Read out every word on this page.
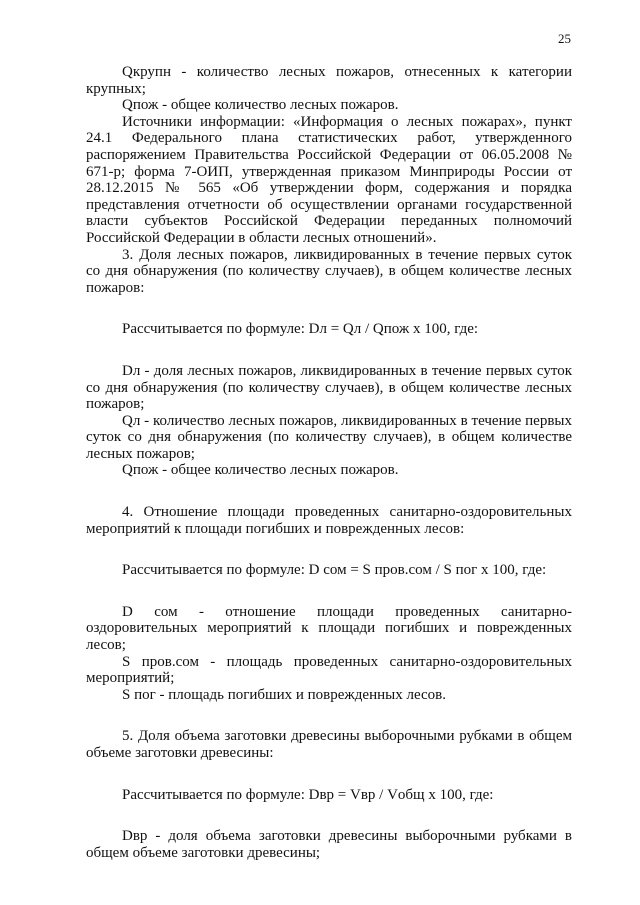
25

Qкрупн - количество лесных пожаров, отнесенных к категории крупных;

Qпож - общее количество лесных пожаров.

Источники информации: «Информация о лесных пожарах», пункт 24.1 Федерального плана статистических работ, утвержденного распоряжением Правительства Российской Федерации от 06.05.2008 № 671-р; форма 7-ОИП, утвержденная приказом Минприроды России от 28.12.2015 № 565 «Об утверждении форм, содержания и порядка представления отчетности об осуществлении органами государственной власти субъектов Российской Федерации переданных полномочий Российской Федерации в области лесных отношений».

3. Доля лесных пожаров, ликвидированных в течение первых суток со дня обнаружения (по количеству случаев), в общем количестве лесных пожаров:

Рассчитывается по формуле: Dл = Qл / Qпож x 100, где:

Dл - доля лесных пожаров, ликвидированных в течение первых суток со дня обнаружения (по количеству случаев), в общем количестве лесных пожаров;

Qл - количество лесных пожаров, ликвидированных в течение первых суток со дня обнаружения (по количеству случаев), в общем количестве лесных пожаров;

Qпож - общее количество лесных пожаров.

4. Отношение площади проведенных санитарно-оздоровительных мероприятий к площади погибших и поврежденных лесов:

Рассчитывается по формуле: D сом = S пров.сом / S пог x 100, где:

D сом - отношение площади проведенных санитарно-оздоровительных мероприятий к площади погибших и поврежденных лесов;

S пров.сом - площадь проведенных санитарно-оздоровительных мероприятий;

S пог - площадь погибших и поврежденных лесов.

5. Доля объема заготовки древесины выборочными рубками в общем объеме заготовки древесины:

Рассчитывается по формуле: Dвр = Vвр / Vобщ x 100, где:

Dвр - доля объема заготовки древесины выборочными рубками в общем объеме заготовки древесины;
